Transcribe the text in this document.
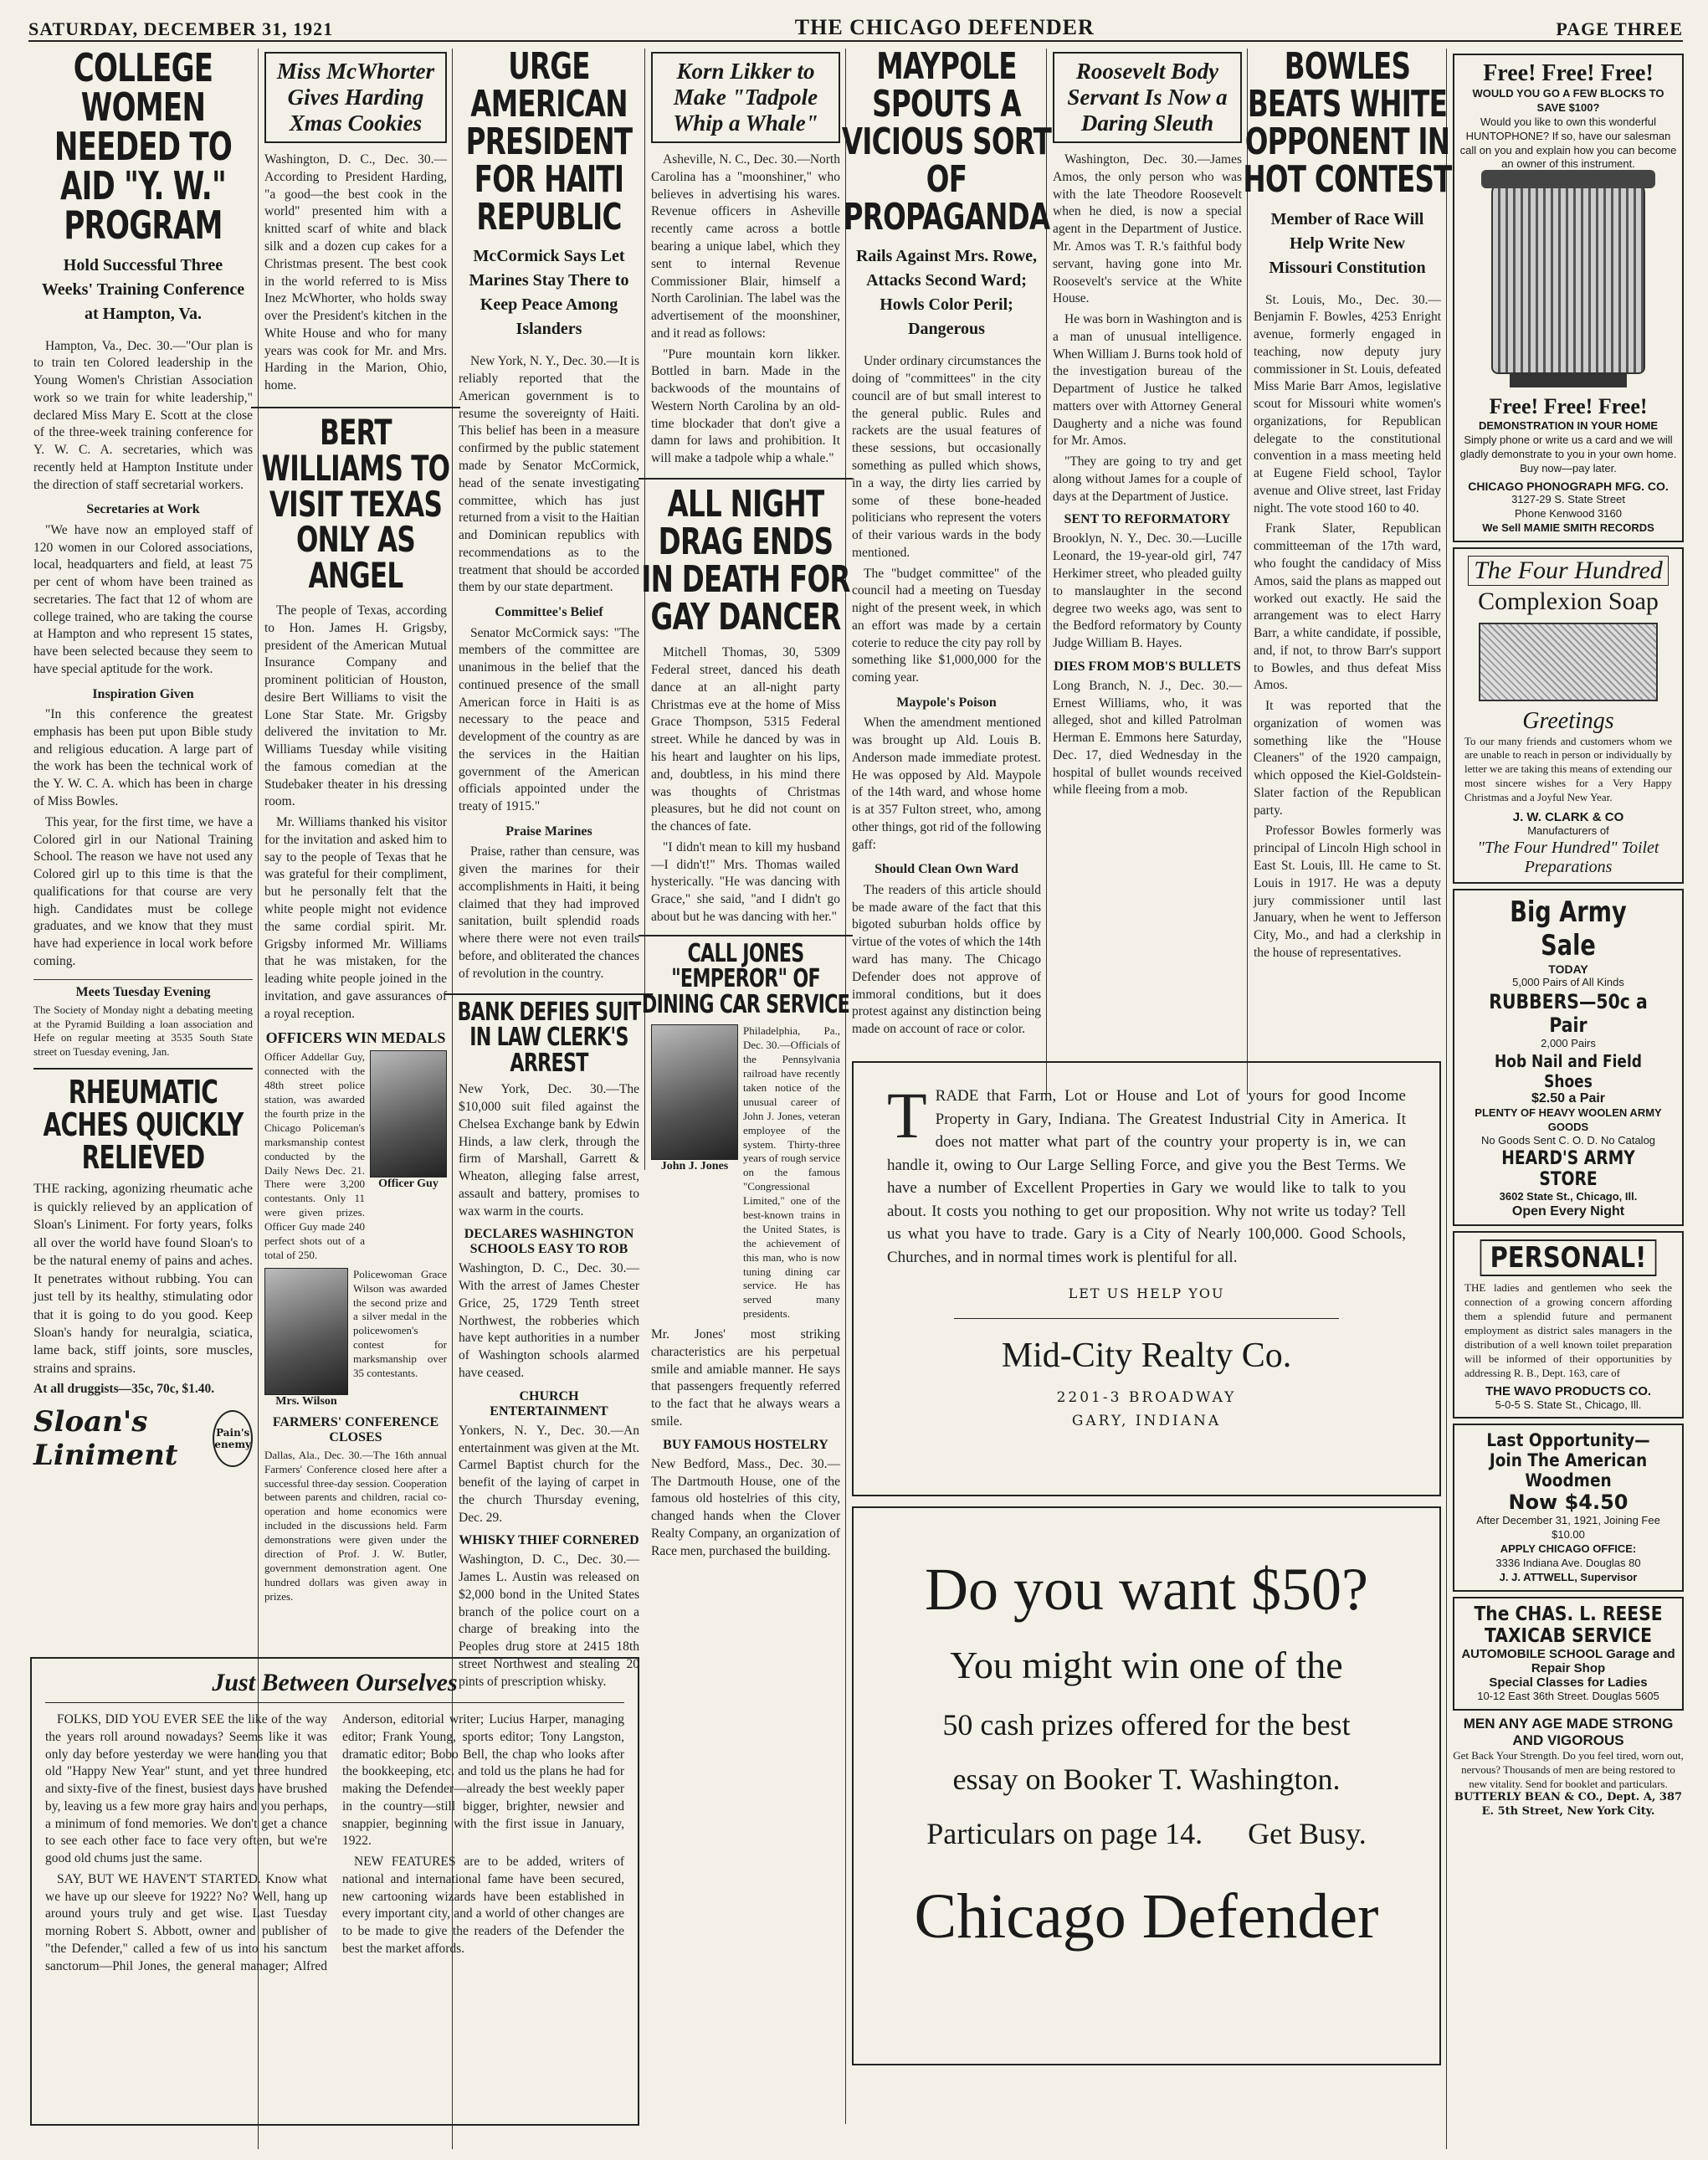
SATURDAY, DECEMBER 31, 1921	THE CHICAGO DEFENDER	PAGE THREE
COLLEGE WOMEN NEEDED TO AID "Y. W." PROGRAM
Hold Successful Three Weeks' Training Conference at Hampton, Va.

Hampton, Va., Dec. 30.—"Our plan is to train ten Colored leadership in the Young Women's Christian Association work so we train for white leadership," declared Miss Mary E. Scott at the close of the three-week training conference for Y. W. C. A. secretaries, which was recently held at Hampton Institute under the direction of staff secretarial workers.

Secretaries at Work

"We have now an employed staff of 120 women in our Colored associations, local, headquarters and field, at least 75 per cent of whom have been trained as secretaries. The fact that 12 of whom are college trained, who are taking the course at Hampton and who represent 15 states, have been selected because they seem to have special aptitude for the work.

Inspiration Given

"In this conference the greatest emphasis has been put upon Bible study and religious education. A large part of the work has been the technical work of the Y. W. C. A. which has been in charge of Miss Bowles.

This year, for the first time, we have a Colored girl in our National Training School. The reason we have not used any Colored girl up to this time is that the qualifications for that course are very high. Candidates must be college graduates, and we know that they must have had experience in local work before coming.

Meets Tuesday Evening
The Society of Monday night a debating meeting at the Pyramid Building a loan association and Hefe on regular meeting at 3535 South State street on Tuesday evening, Jan.
RHEUMATIC ACHES QUICKLY RELIEVED
THE racking, agonizing rheumatic ache is quickly relieved by an application of Sloan's Liniment. For forty years, folks all over the world have found Sloan's to be the natural enemy of pains and aches. It penetrates without rubbing. You can just tell by its healthy, stimulating odor that it is going to do you good. Keep Sloan's handy for neuralgia, sciatica, lame back, stiff joints, sore muscles, strains and sprains.
At all druggists—35c, 70c, $1.40.
Sloan's Liniment
Pain's enemy
Miss McWhorter Gives Harding Xmas Cookies
Washington, D. C., Dec. 30.—According to President Harding, "a good—the best cook in the world" presented him with a knitted scarf of white and black silk and a dozen cup cakes for a Christmas present. The best cook in the world referred to is Miss Inez McWhorter, who holds sway over the President's kitchen in the White House and who for many years was cook for Mr. and Mrs. Harding in the Marion, Ohio, home.
BERT WILLIAMS TO VISIT TEXAS ONLY AS ANGEL

The people of Texas, according to Hon. James H. Grigsby, president of the American Mutual Insurance Company and prominent politician of Houston, desire Bert Williams to visit the Lone Star State. Mr. Grigsby delivered the invitation to Mr. Williams Tuesday while visiting the famous comedian at the Studebaker theater in his dressing room.

Mr. Williams thanked his visitor for the invitation and asked him to say to the people of Texas that he was grateful for their compliment, but he personally felt that the white people might not evidence the same cordial spirit. Mr. Grigsby informed Mr. Williams that he was mistaken, for the leading white people joined in the invitation, and gave assurances of a royal reception.

OFFICERS WIN MEDALS
Officer Addellar Guy, connected with the 48th street police station, was awarded the fourth prize in the Chicago Policeman's marksmanship contest conducted by the Daily News Dec. 21. There were 3,200 contestants. Only 11 were given prizes. Officer Guy made 240 perfect shots out of a total of 250.
Officer Guy
Mrs. Wilson
Policewoman Grace Wilson was awarded the second prize and a silver medal in the policewomen's contest for marksmanship over 35 contestants.
FARMERS' CONFERENCE CLOSES
Dallas, Ala., Dec. 30.—The 16th annual Farmers' Conference closed here after a successful three-day session. Cooperation between parents and children, racial co-operation and home economics were included in the discussions held. Farm demonstrations were given under the direction of Prof. J. W. Butler, government demonstration agent. One hundred dollars was given away in prizes.
URGE AMERICAN PRESIDENT FOR HAITI REPUBLIC
McCormick Says Let Marines Stay There to Keep Peace Among Islanders

New York, N. Y., Dec. 30.—It is reliably reported that the American government is to resume the sovereignty of Haiti. This belief has been in a measure confirmed by the public statement made by Senator McCormick, head of the senate investigating committee, which has just returned from a visit to the Haitian and Dominican republics with recommendations as to the treatment that should be accorded them by our state department.

Committee's Belief

Senator McCormick says: "The members of the committee are unanimous in the belief that the continued presence of the small American force in Haiti is as necessary to the peace and development of the country as are the services in the Haitian government of the American officials appointed under the treaty of 1915."

Praise Marines

Praise, rather than censure, was given the marines for their accomplishments in Haiti, it being claimed that they had improved sanitation, built splendid roads where there were not even trails before, and obliterated the chances of revolution in the country.

BANK DEFIES SUIT IN LAW CLERK'S ARREST
New York, Dec. 30.—The $10,000 suit filed against the Chelsea Exchange bank by Edwin Hinds, a law clerk, through the firm of Marshall, Garrett & Wheaton, alleging false arrest, assault and battery, promises to wax warm in the courts.
DECLARES WASHINGTON SCHOOLS EASY TO ROB
Washington, D. C., Dec. 30.—With the arrest of James Chester Grice, 25, 1729 Tenth street Northwest, the robberies which have kept authorities in a number of Washington schools alarmed have ceased.
CHURCH ENTERTAINMENT
Yonkers, N. Y., Dec. 30.—An entertainment was given at the Mt. Carmel Baptist church for the benefit of the laying of carpet in the church Thursday evening, Dec. 29.
WHISKY THIEF CORNERED
Washington, D. C., Dec. 30.—James L. Austin was released on $2,000 bond in the United States branch of the police court on a charge of breaking into the Peoples drug store at 2415 18th street Northwest and stealing 20 pints of prescription whisky.
Korn Likker to Make "Tadpole Whip a Whale"

Asheville, N. C., Dec. 30.—North Carolina has a "moonshiner," who believes in advertising his wares. Revenue officers in Asheville recently came across a bottle bearing a unique label, which they sent to internal Revenue Commissioner Blair, himself a North Carolinian. The label was the advertisement of the moonshiner, and it read as follows:

"Pure mountain korn likker. Bottled in barn. Made in the backwoods of the mountains of Western North Carolina by an old-time blockader that don't give a damn for laws and prohibition. It will make a tadpole whip a whale."

ALL NIGHT DRAG ENDS IN DEATH FOR GAY DANCER

Mitchell Thomas, 30, 5309 Federal street, danced his death dance at an all-night party Christmas eve at the home of Miss Grace Thompson, 5315 Federal street. While he danced by was in his heart and laughter on his lips, and, doubtless, in his mind there was thoughts of Christmas pleasures, but he did not count on the chances of fate.

"I didn't mean to kill my husband—I didn't!" Mrs. Thomas wailed hysterically. "He was dancing with Grace," she said, "and I didn't go about but he was dancing with her."

CALL JONES "EMPEROR" OF DINING CAR SERVICE
John J. Jones
Philadelphia, Pa., Dec. 30.—Officials of the Pennsylvania railroad have recently taken notice of the unusual career of John J. Jones, veteran employee of the system. Thirty-three years of rough service on the famous "Congressional Limited," one of the best-known trains in the United States, is the achievement of this man, who is now tuning dining car service. He has served many presidents.
Mr. Jones' most striking characteristics are his perpetual smile and amiable manner. He says that passengers frequently referred to the fact that he always wears a smile.
BUY FAMOUS HOSTELRY
New Bedford, Mass., Dec. 30.—The Dartmouth House, one of the famous old hostelries of this city, changed hands when the Clover Realty Company, an organization of Race men, purchased the building.
MAYPOLE SPOUTS A VICIOUS SORT OF PROPAGANDA
Rails Against Mrs. Rowe, Attacks Second Ward; Howls Color Peril; Dangerous

Under ordinary circumstances the doing of "committees" in the city council are of but small interest to the general public. Rules and rackets are the usual features of these sessions, but occasionally something as pulled which shows, in a way, the dirty lies carried by some of these bone-headed politicians who represent the voters of their various wards in the body mentioned.

The "budget committee" of the council had a meeting on Tuesday night of the present week, in which an effort was made by a certain coterie to reduce the city pay roll by something like $1,000,000 for the coming year.

Maypole's Poison

When the amendment mentioned was brought up Ald. Louis B. Anderson made immediate protest. He was opposed by Ald. Maypole of the 14th ward, and whose home is at 357 Fulton street, who, among other things, got rid of the following gaff:

Should Clean Own Ward

The readers of this article should be made aware of the fact that this bigoted suburban holds office by virtue of the votes of which the 14th ward has many. The Chicago Defender does not approve of immoral conditions, but it does protest against any distinction being made on account of race or color.

Roosevelt Body Servant Is Now a Daring Sleuth

Washington, Dec. 30.—James Amos, the only person who was with the late Theodore Roosevelt when he died, is now a special agent in the Department of Justice. Mr. Amos was T. R.'s faithful body servant, having gone into Mr. Roosevelt's service at the White House.

He was born in Washington and is a man of unusual intelligence. When William J. Burns took hold of the investigation bureau of the Department of Justice he talked matters over with Attorney General Daugherty and a niche was found for Mr. Amos.

"They are going to try and get along without James for a couple of days at the Department of Justice.

SENT TO REFORMATORY
Brooklyn, N. Y., Dec. 30.—Lucille Leonard, the 19-year-old girl, 747 Herkimer street, who pleaded guilty to manslaughter in the second degree two weeks ago, was sent to the Bedford reformatory by County Judge William B. Hayes.
DIES FROM MOB'S BULLETS
Long Branch, N. J., Dec. 30.—Ernest Williams, who, it was alleged, shot and killed Patrolman Herman E. Emmons here Saturday, Dec. 17, died Wednesday in the hospital of bullet wounds received while fleeing from a mob.
BOWLES BEATS WHITE OPPONENT IN HOT CONTEST
Member of Race Will Help Write New Missouri Constitution

St. Louis, Mo., Dec. 30.—Benjamin F. Bowles, 4253 Enright avenue, formerly engaged in teaching, now deputy jury commissioner in St. Louis, defeated Miss Marie Barr Amos, legislative scout for Missouri white women's organizations, for Republican delegate to the constitutional convention in a mass meeting held at Eugene Field school, Taylor avenue and Olive street, last Friday night. The vote stood 160 to 40.

Frank Slater, Republican committeeman of the 17th ward, who fought the candidacy of Miss Amos, said the plans as mapped out worked out exactly. He said the arrangement was to elect Harry Barr, a white candidate, if possible, and, if not, to throw Barr's support to Bowles, and thus defeat Miss Amos.

It was reported that the organization of women was something like the "House Cleaners" of the 1920 campaign, which opposed the Kiel-Goldstein-Slater faction of the Republican party.

Professor Bowles formerly was principal of Lincoln High school in East St. Louis, Ill. He came to St. Louis in 1917. He was a deputy jury commissioner until last January, when he went to Jefferson City, Mo., and had a clerkship in the house of representatives.

T RADE that Farm, Lot or House and Lot of yours for good Income Property in Gary, Indiana. The Greatest Industrial City in America. It does not matter what part of the country your property is in, we can handle it, owing to Our Large Selling Force, and give you the Best Terms. We have a number of Excellent Properties in Gary we would like to talk to you about. It costs you nothing to get our proposition. Why not write us today? Tell us what you have to trade. Gary is a City of Nearly 100,000. Good Schools, Churches, and in normal times work is plentiful for all.
LET US HELP YOU
Mid-City Realty Co.
2201-3 BROADWAY
GARY, INDIANA
Do you want $50?
You might win one of the
50 cash prizes offered for the best
essay on Booker T. Washington.
Particulars on page 14.      Get Busy.
Chicago Defender
Just Between Ourselves

FOLKS, DID YOU EVER SEE the like of the way the years roll around nowadays? Seems like it was only day before yesterday we were handing you that old "Happy New Year" stunt, and yet three hundred and sixty-five of the finest, busiest days have brushed by, leaving us a few more gray hairs and you perhaps, a minimum of fond memories. We don't get a chance to see each other face to face very often, but we're good old chums just the same.

SAY, BUT WE HAVEN'T STARTED. Know what we have up our sleeve for 1922? No? Well, hang up around yours truly and get wise. Last Tuesday morning Robert S. Abbott, owner and publisher of "the Defender," called a few of us into his sanctum sanctorum—Phil Jones, the general manager; Alfred Anderson, editorial writer; Lucius Harper, managing editor; Frank Young, sports editor; Tony Langston, dramatic editor; Bobo Bell, the chap who looks after the bookkeeping, etc. and told us the plans he had for making the Defender—already the best weekly paper in the country—still bigger, brighter, newsier and snappier, beginning with the first issue in January, 1922.

NEW FEATURES are to be added, writers of national and international fame have been secured, new cartooning wizards have been established in every important city, and a world of other changes are to be made to give the readers of the Defender the best the market affords.

Free! Free! Free!
WOULD YOU GO A FEW BLOCKS TO SAVE $100?
Would you like to own this wonderful HUNTOPHONE? If so, have our salesman call on you and explain how you can become an owner of this instrument.
Free! Free! Free!
DEMONSTRATION IN YOUR HOME
Simply phone or write us a card and we will gladly demonstrate to you in your own home. Buy now—pay later.
CHICAGO PHONOGRAPH MFG. CO.
3127-29 S. State Street
Phone Kenwood 3160
We Sell MAMIE SMITH RECORDS
The Four Hundred
Complexion Soap
Greetings
To our many friends and customers whom we are unable to reach in person or individually by letter we are taking this means of extending our most sincere wishes for a Very Happy Christmas and a Joyful New Year.
J. W. CLARK & CO
Manufacturers of
"The Four Hundred" Toilet Preparations
Big Army Sale
TODAY
5,000 Pairs of All Kinds
RUBBERS—50c a Pair
2,000 Pairs
Hob Nail and Field Shoes
$2.50 a Pair
PLENTY OF HEAVY WOOLEN ARMY GOODS
No Goods Sent C. O. D. No Catalog
HEARD'S ARMY STORE
3602 State St., Chicago, Ill.
Open Every Night
PERSONAL!
THE ladies and gentlemen who seek the connection of a growing concern affording them a splendid future and permanent employment as district sales managers in the distribution of a well known toilet preparation will be informed of their opportunities by addressing R. B., Dept. 163, care of
THE WAVO PRODUCTS CO.
5-0-5 S. State St., Chicago, Ill.
Last Opportunity—Join The American Woodmen
Now $4.50
After December 31, 1921, Joining Fee $10.00
APPLY CHICAGO OFFICE:
3336 Indiana Ave. Douglas 80
J. J. ATTWELL, Supervisor
The CHAS. L. REESE TAXICAB SERVICE
AUTOMOBILE SCHOOL Garage and Repair Shop
Special Classes for Ladies
10-12 East 36th Street. Douglas 5605
MEN ANY AGE MADE STRONG AND VIGOROUS
Get Back Your Strength. Do you feel tired, worn out, nervous? Thousands of men are being restored to new vitality. Send for booklet and particulars.
BUTTERLY BEAN & CO., Dept. A, 387 E. 5th Street, New York City.
